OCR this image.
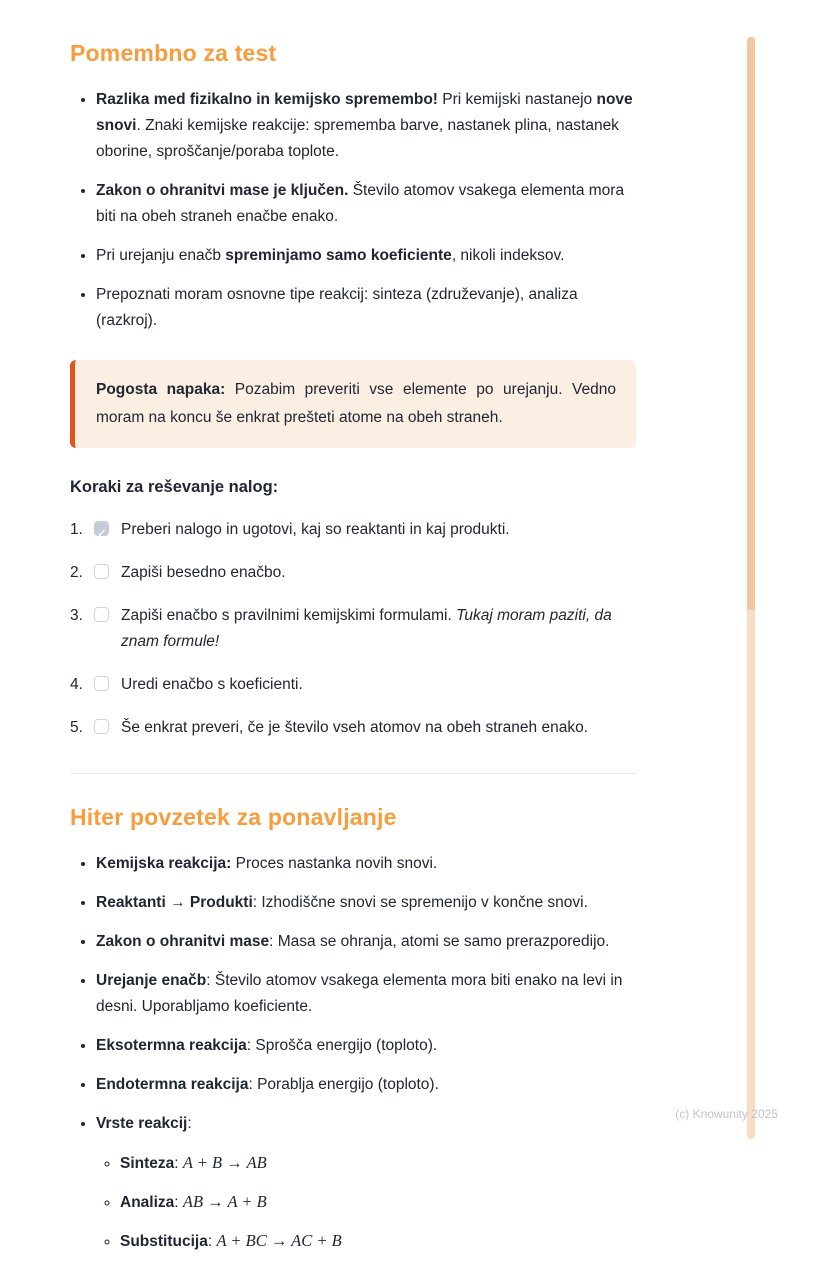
Pomembno za test
• Razlika med fizikalno in kemijsko spremembo! Pri kemijski nastanejo nove snovi. Znaki kemijske reakcije: sprememba barve, nastanek plina, nastanek oborine, sproščanje/poraba toplote.
• Zakon o ohranitvi mase je ključen. Število atomov vsakega elementa mora biti na obeh straneh enačbe enako.
• Pri urejanju enačb spreminjamo samo koeficiente, nikoli indeksov.
• Prepoznati moram osnovne tipe reakcij: sinteza (združevanje), analiza (razkroj).
Pogosta napaka: Pozabim preveriti vse elemente po urejanju. Vedno moram na koncu še enkrat prešteti atome na obeh straneh.
Koraki za reševanje nalog:
1. ✓	Preberi nalogo in ugotovi, kaj so reaktanti in kaj produkti.
2.	Zapiši besedno enačbo.
3.	Zapiši enačbo s pravilnimi kemijskimi formulami. Tukaj moram paziti, da znam formule!
4.	Uredi enačbo s koeficienti.
5.	Še enkrat preveri, če je število vseh atomov na obeh straneh enako.
Hiter povzetek za ponavljanje
• Kemijska reakcija: Proces nastanka novih snovi.
• Reaktanti → Produkti: Izhodiščne snovi se spremenijo v končne snovi.
• Zakon o ohranitvi mase: Masa se ohranja, atomi se samo prerazporedijo.
• Urejanje enačb: Število atomov vsakega elementa mora biti enako na levi in desni. Uporabljamo koeficiente.
• Eksotermna reakcija: Sprošča energijo (toploto).
• Endotermna reakcija: Porablja energijo (toploto).
• Vrste reakcij:
◦ Sinteza: A + B → AB
◦ Analiza: AB → A + B
◦ Substitucija: A + BC → AC + B
(c) Knowunity 2025
